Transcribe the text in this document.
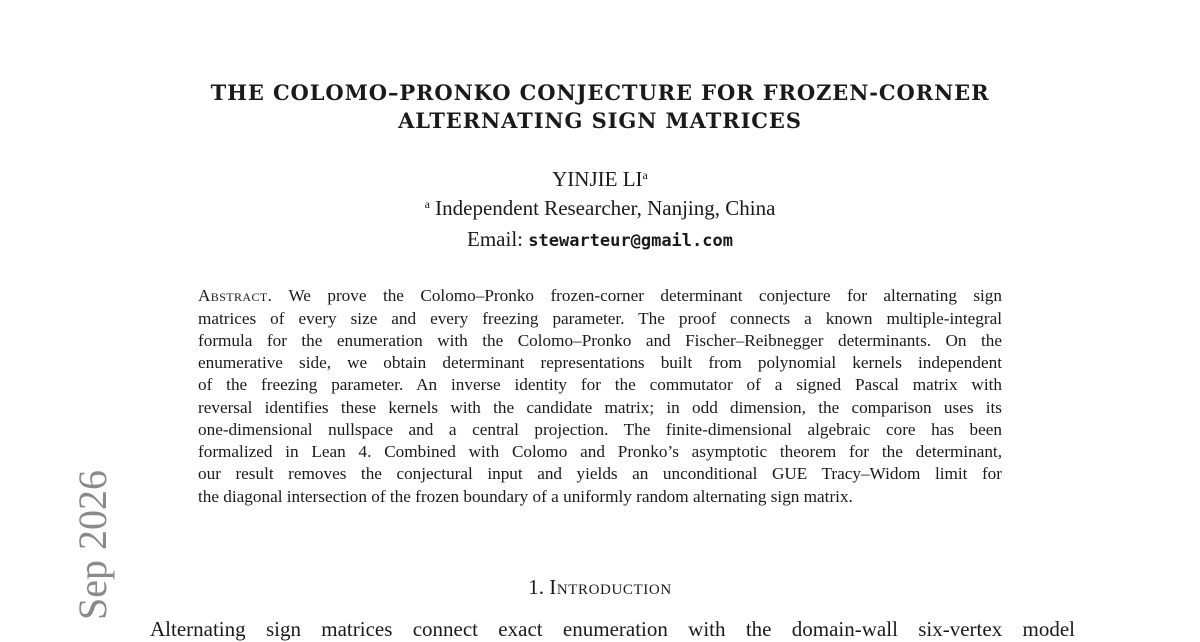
THE COLOMO–PRONKO CONJECTURE FOR FROZEN-CORNER
ALTERNATING SIGN MATRICES
YINJIE $LI^a$
$^a$ Independent Researcher, Nanjing, China
Email: stewarteur@gmail.com
Abstract. We prove the Colomo–Pronko frozen-corner determinant conjecture for alternating sign
matrices of every size and every freezing parameter. The proof connects a known multiple-integral
formula for the enumeration with the Colomo–Pronko and Fischer–Reibnegger determinants. On the
enumerative side, we obtain determinant representations built from polynomial kernels independent
of the freezing parameter. An inverse identity for the commutator of a signed Pascal matrix with
reversal identifies these kernels with the candidate matrix; in odd dimension, the comparison uses its
one-dimensional nullspace and a central projection. The finite-dimensional algebraic core has been
formalized in Lean 4. Combined with Colomo and Pronko’s asymptotic theorem for the determinant,
our result removes the conjectural input and yields an unconditional GUE Tracy–Widom limit for
the diagonal intersection of the frozen boundary of a uniformly random alternating sign matrix.
1. Introduction
Alternating sign matrices connect exact enumeration with the domain-wall six-vertex model
Sep 2026
